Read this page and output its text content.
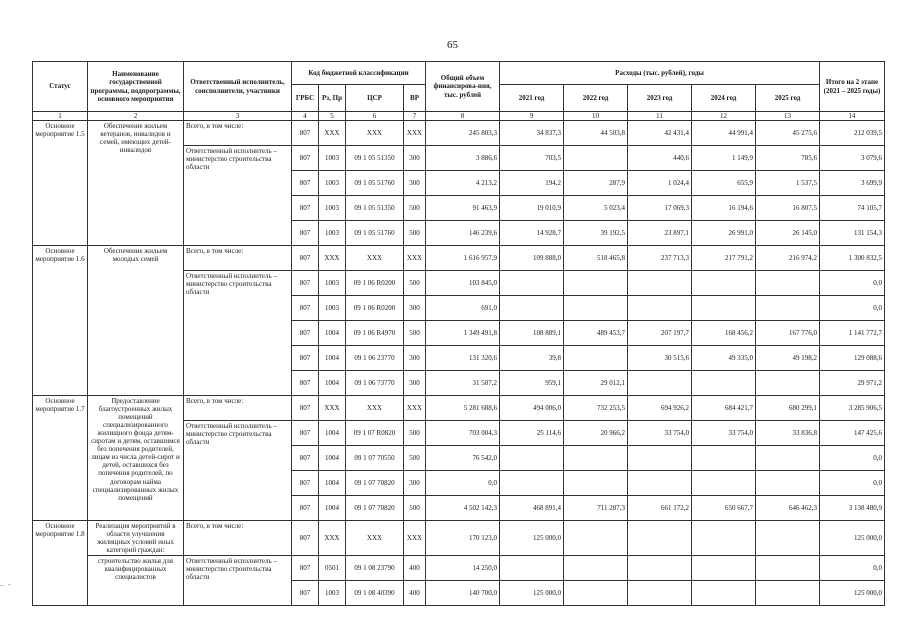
65
Статус	Наименование государственной программы, подпрограммы, основного мероприятия	Ответственный исполнитель, соисполнители, участники	Код бюджетной классификации				Общий объем финансирова-ния, тыс. рублей	Расходы (тыс. рублей), годы					Итого на 2 этапе (2021 – 2025 годы)
			ГРБС	Рз, Пр	ЦСР	ВР		2021 год	2022 год	2023 год	2024 год	2025 год	
1	2	3	4	5	6	7	8	9	10	11	12	13	14
Основное мероприятие 1.5	Обеспечение жильем ветеранов, инвалидов и семей, имеющих детей-инвалидов	Всего, в том числе:	807	XXX	XXX	XXX	245 803,3	34 837,3	44 503,8	42 431,4	44 991,4	45 275,6	212 039,5
		Ответственный исполнитель – министерство строительства области	807	1003	09 1 05 51350	300	3 886,6	703,5		440,6	1 149,9	785,6	3 079,6
			807	1003	09 1 05 51760	300	4 213,2	194,2	287,9	1 024,4	655,9	1 537,5	3 699,9
			807	1003	09 1 05 51350	500	91 463,9	19 010,9	5 023,4	17 069,3	16 194,6	16 807,5	74 105,7
			807	1003	09 1 05 51760	500	146 239,6	14 928,7	39 192,5	23 897,1	26 991,0	26 145,0	131 154,3
Основное мероприятие 1.6	Обеспечение жильем молодых семей	Всего, в том числе:	807	XXX	XXX	XXX	1 616 957,9	109 888,0	518 465,8	237 713,3	217 791,2	216 974,2	1 300 832,5
		Ответственный исполнитель – министерство строительства области	807	1003	09 1 06 R0200	500	103 845,0						0,0
			807	1003	09 1 06 R0200	300	691,0						0,0
			807	1004	09 1 06 R4970	500	1 349 491,8	108 889,1	489 453,7	207 197,7	168 456,2	167 776,0	1 141 772,7
			807	1004	09 1 06 23770	300	131 320,6	39,8		30 515,6	49 335,0	49 198,2	129 088,6
			807	1004	09 1 06 73770	300	31 587,2	959,1	29 012,1				29 971,2
Основное мероприятие 1.7	Предоставление благоустроенных жилых помещений специализированного жилищного фонда детям-сиротам и детям, оставшимся без попечения родителей, лицам из числа детей-сирот и детей, оставшихся без попечения родителей, по договорам найма специализированных жилых помещений	Всего, в том числе:	807	XXX	XXX	XXX	5 281 688,6	494 006,0	732 253,5	694 926,2	684 421,7	680 299,1	3 285 906,5
		Ответственный исполнитель – министерство строительства области	807	1004	09 1 07 R0820	500	703 004,3	25 114,6	20 966,2	33 754,0	33 754,0	33 836,8	147 425,6
			807	1004	09 1 07 70550	500	76 542,0						0,0
			807	1004	09 1 07 70820	300	0,0						0,0
			807	1004	09 1 07 70820	500	4 502 142,3	468 891,4	711 287,3	661 172,2	650 667,7	646 462,3	3 138 480,9
Основное мероприятие 1.8	Реализация мероприятий в области улучшения жилищных условий иных категорий граждан:	Всего, в том числе:	807	XXX	XXX	XXX	170 123,0	125 000,0					125 000,0
	строительство жилья для квалифицированных специалистов	Ответственный исполнитель – министерство строительства области	807	0501	09 1 08 23790	400	14 250,0						0,0
			807	1003	09 1 08 40390	400	140 700,0	125 000,0					125 000,0
–  -
